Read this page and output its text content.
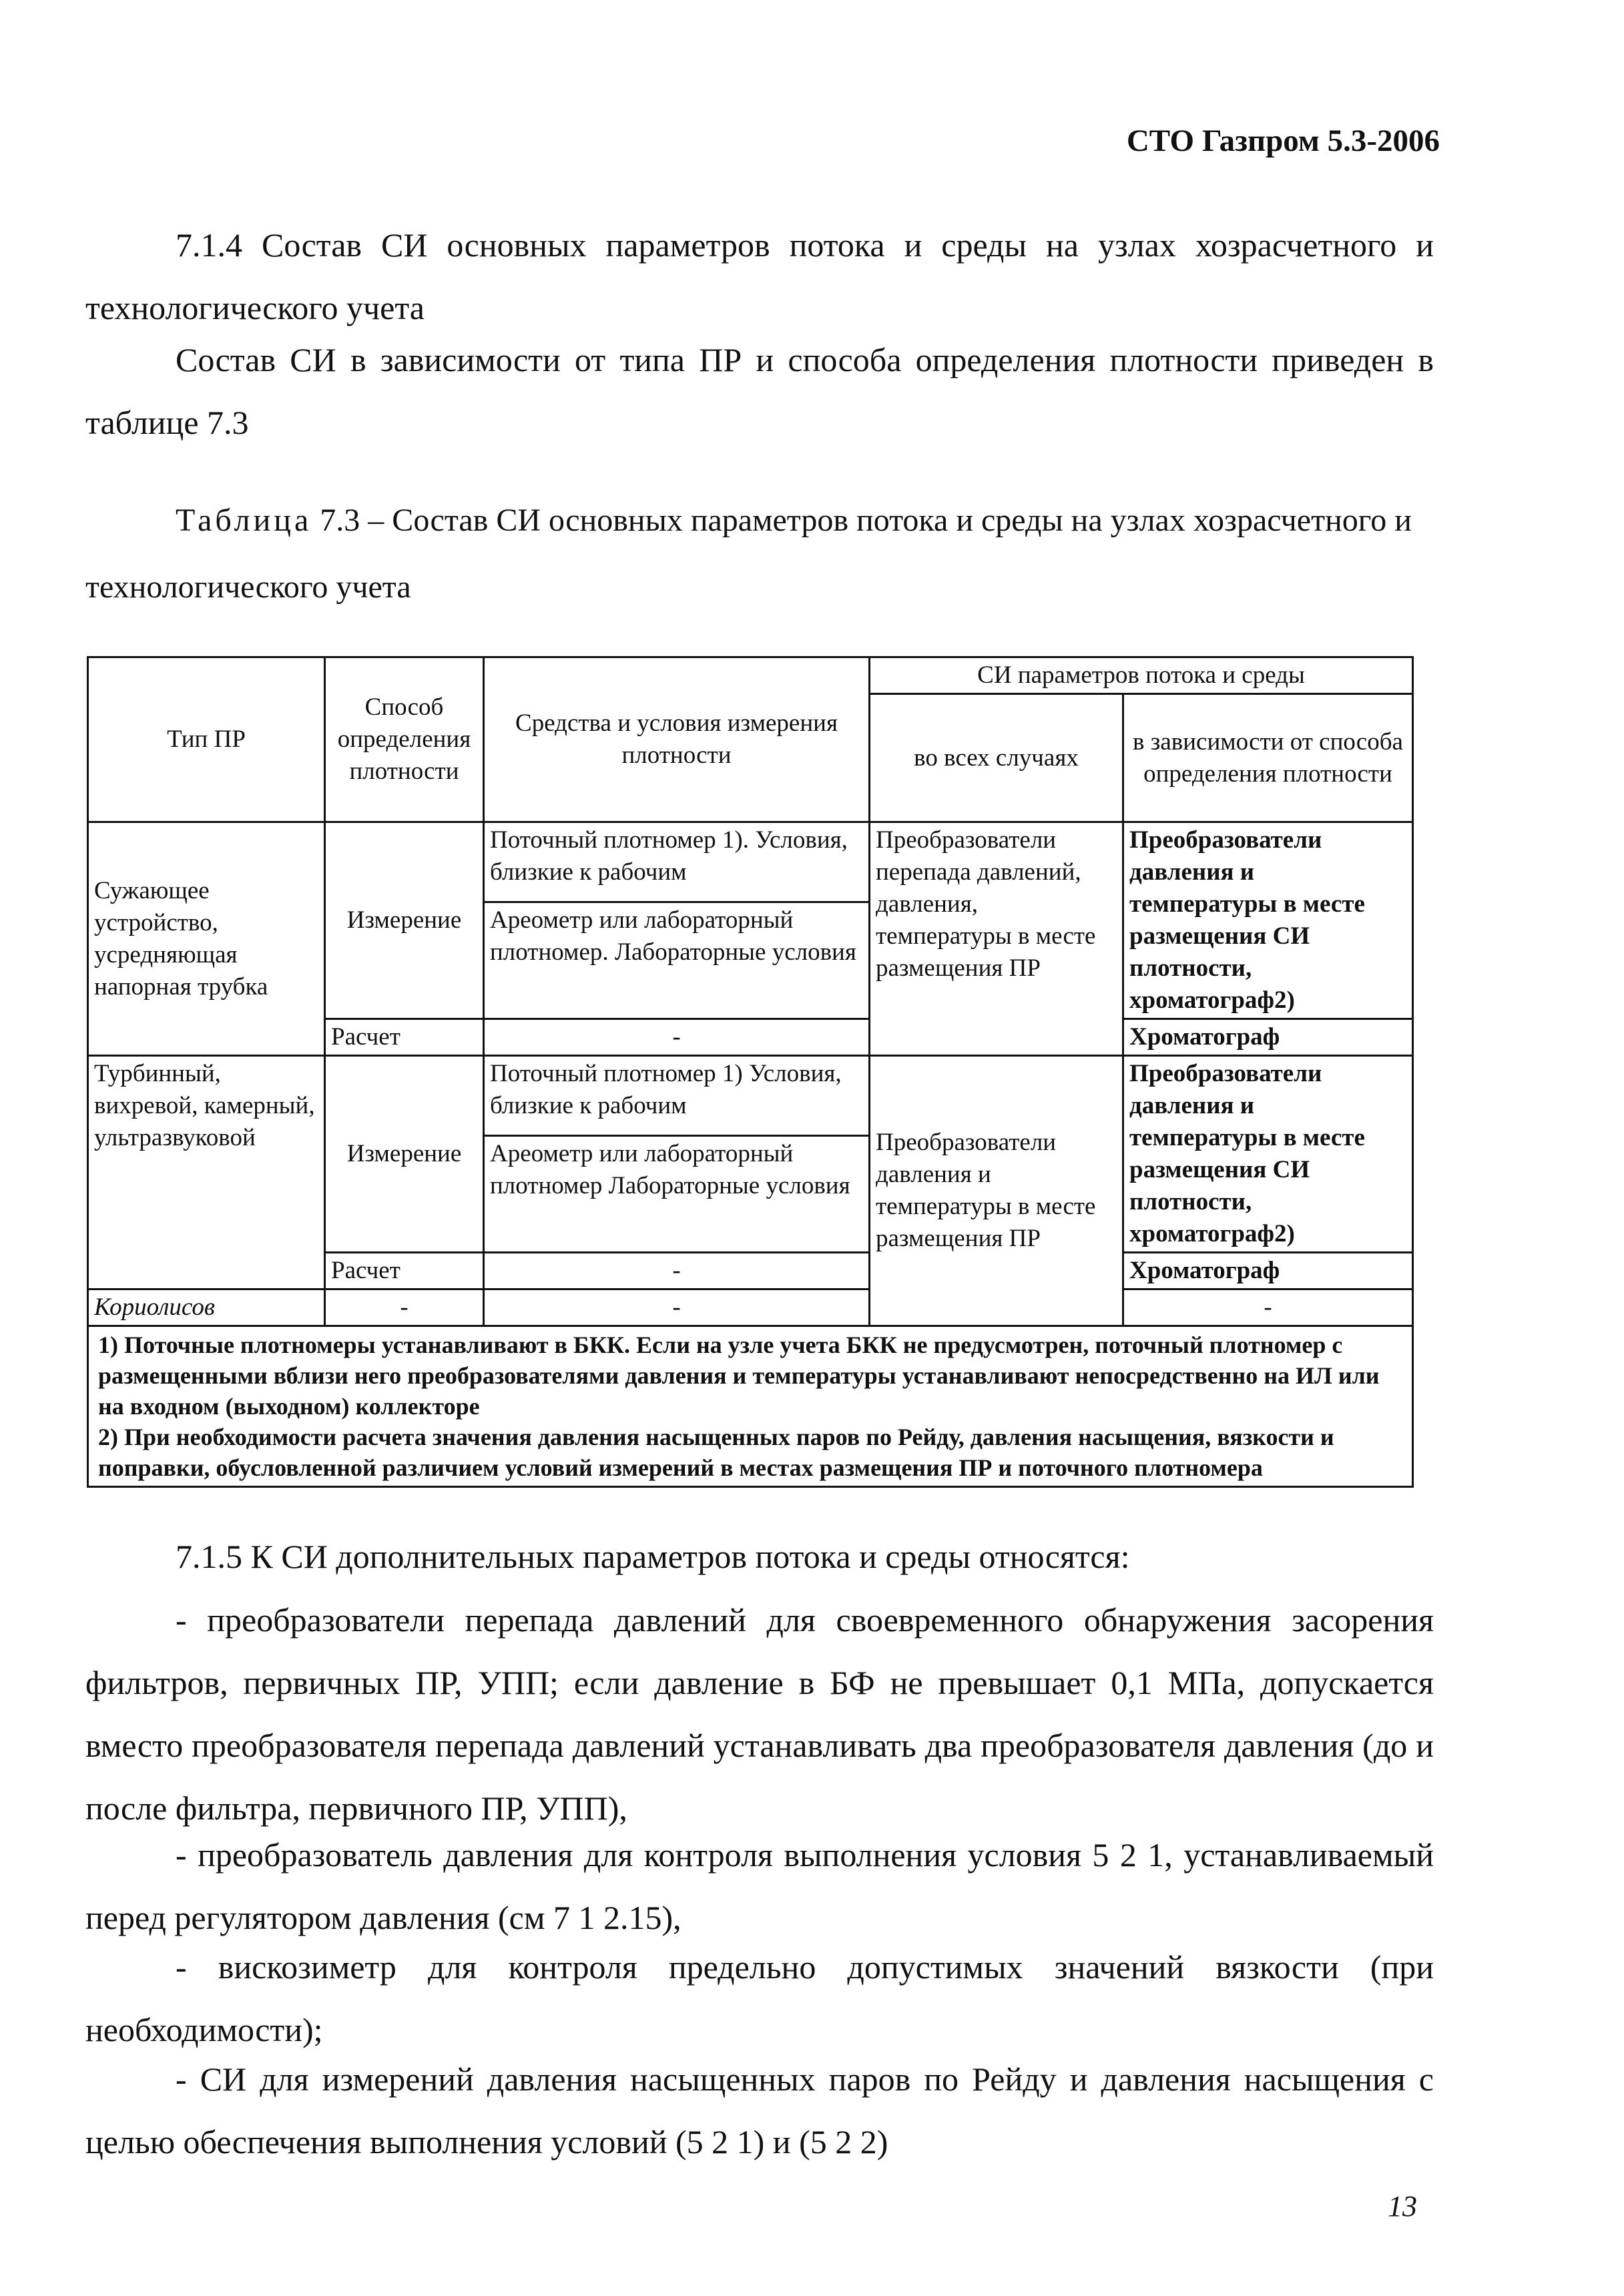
СТО Газпром 5.3-2006

7.1.4 Состав СИ основных параметров потока и среды на узлах хозрасчетного и технологического учета

Состав СИ в зависимости от типа ПР и способа определения плотности приведен в таблице 7.3

Таблица 7.3 – Состав СИ основных параметров потока и среды на узлах хозрасчетного и технологического учета

Тип ПР	Способ определения плотности	Средства и условия измерения плотности	СИ параметров потока и среды	
			во всех случаях	в зависимости от способа определения плотности
Сужающее устройство, усредняющая напорная трубка	Измерение	Поточный плотномер 1). Условия, близкие к рабочим	Преобразователи перепада давлений, давления, температуры в месте размещения ПР	Преобразователи давления и температуры в месте размещения СИ плотности, хроматограф2)
		Ареометр или лабораторный плотномер. Лабораторные условия		
	Расчет	-		Хроматограф
Турбинный, вихревой, камерный, ультразвуковой	Измерение	Поточный плотномер 1) Условия, близкие к рабочим	Преобразователи давления и температуры в месте размещения ПР	Преобразователи давления и температуры в месте размещения СИ плотности, хроматограф2)
		Ареометр или лабораторный плотномер Лабораторные условия		
	Расчет	-		Хроматограф
Кориолисов	-	-		-

1) Поточные плотномеры устанавливают в БКК. Если на узле учета БКК не предусмотрен, поточный плотномер с размещенными вблизи него преобразователями давления и температуры устанавливают непосредственно на ИЛ или на входном (выходном) коллекторе
2) При необходимости расчета значения давления насыщенных паров по Рейду, давления насыщения, вязкости и поправки, обусловленной различием условий измерений в местах размещения ПР и поточного плотномера				

7.1.5 К СИ дополнительных параметров потока и среды относятся:

- преобразователи перепада давлений для своевременного обнаружения засорения фильтров, первичных ПР, УПП; если давление в БФ не превышает 0,1 МПа, допускается вместо преобразователя перепада давлений устанавливать два преобразователя давления (до и после фильтра, первичного ПР, УПП),

- преобразователь давления для контроля выполнения условия 5 2 1, устанавливаемый перед регулятором давления (см 7 1 2.15),

- вискозиметр для контроля предельно допустимых значений вязкости (при необходимости);

- СИ для измерений давления насыщенных паров по Рейду и давления насыщения с целью обеспечения выполнения условий (5 2 1) и (5 2 2)

13
